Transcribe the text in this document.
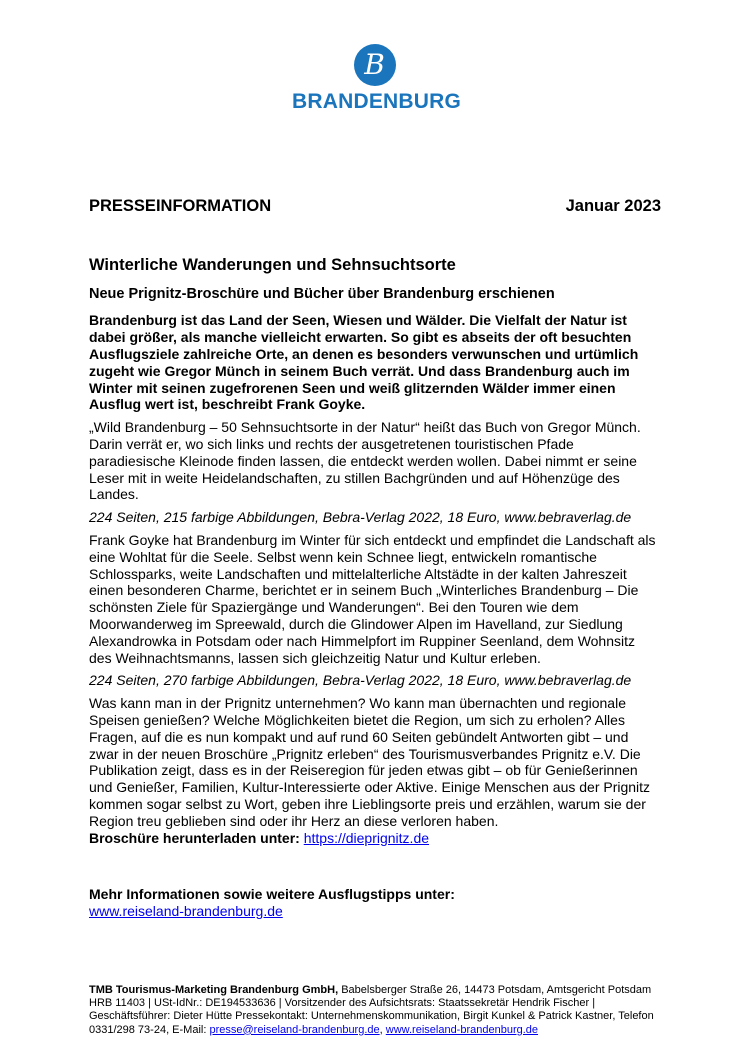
B
BRANDENBURG
PRESSEINFORMATION	Januar 2023
Winterliche Wanderungen und Sehnsuchtsorte
Neue Prignitz-Broschüre und Bücher über Brandenburg erschienen

Brandenburg ist das Land der Seen, Wiesen und Wälder. Die Vielfalt der Natur ist dabei größer, als manche vielleicht erwarten. So gibt es abseits der oft besuchten Ausflugsziele zahlreiche Orte, an denen es besonders verwunschen und urtümlich zugeht wie Gregor Münch in seinem Buch verrät. Und dass Brandenburg auch im Winter mit seinen zugefrorenen Seen und weiß glitzernden Wälder immer einen Ausflug wert ist, beschreibt Frank Goyke.

„Wild Brandenburg – 50 Sehnsuchtsorte in der Natur“ heißt das Buch von Gregor Münch. Darin verrät er, wo sich links und rechts der ausgetretenen touristischen Pfade paradiesische Kleinode finden lassen, die entdeckt werden wollen. Dabei nimmt er seine Leser mit in weite Heidelandschaften, zu stillen Bachgründen und auf Höhenzüge des Landes.

224 Seiten, 215 farbige Abbildungen, Bebra-Verlag 2022, 18 Euro, www.bebraverlag.de

Frank Goyke hat Brandenburg im Winter für sich entdeckt und empfindet die Landschaft als eine Wohltat für die Seele. Selbst wenn kein Schnee liegt, entwickeln romantische Schlossparks, weite Landschaften und mittelalterliche Altstädte in der kalten Jahreszeit einen besonderen Charme, berichtet er in seinem Buch „Winterliches Brandenburg – Die schönsten Ziele für Spaziergänge und Wanderungen“. Bei den Touren wie dem Moorwanderweg im Spreewald, durch die Glindower Alpen im Havelland, zur Siedlung Alexandrowka in Potsdam oder nach Himmelpfort im Ruppiner Seenland, dem Wohnsitz des Weihnachtsmanns, lassen sich gleichzeitig Natur und Kultur erleben.

224 Seiten, 270 farbige Abbildungen, Bebra-Verlag 2022, 18 Euro, www.bebraverlag.de

Was kann man in der Prignitz unternehmen? Wo kann man übernachten und regionale Speisen genießen? Welche Möglichkeiten bietet die Region, um sich zu erholen? Alles Fragen, auf die es nun kompakt und auf rund 60 Seiten gebündelt Antworten gibt – und zwar in der neuen Broschüre „Prignitz erleben“ des Tourismusverbandes Prignitz e.V. Die Publikation zeigt, dass es in der Reiseregion für jeden etwas gibt – ob für Genießerinnen und Genießer, Familien, Kultur-Interessierte oder Aktive. Einige Menschen aus der Prignitz kommen sogar selbst zu Wort, geben ihre Lieblingsorte preis und erzählen, warum sie der Region treu geblieben sind oder ihr Herz an diese verloren haben.

Broschüre herunterladen unter: https://dieprignitz.de
Mehr Informationen sowie weitere Ausflugstipps unter:
www.reiseland-brandenburg.de
TMB Tourismus-Marketing Brandenburg GmbH, Babelsberger Straße 26, 14473 Potsdam, Amtsgericht Potsdam HRB 11403 | USt-IdNr.: DE194533636 | Vorsitzender des Aufsichtsrats: Staatssekretär Hendrik Fischer | Geschäftsführer: Dieter Hütte Pressekontakt: Unternehmenskommunikation, Birgit Kunkel & Patrick Kastner, Telefon 0331/298 73-24, E-Mail: presse@reiseland-brandenburg.de, www.reiseland-brandenburg.de
